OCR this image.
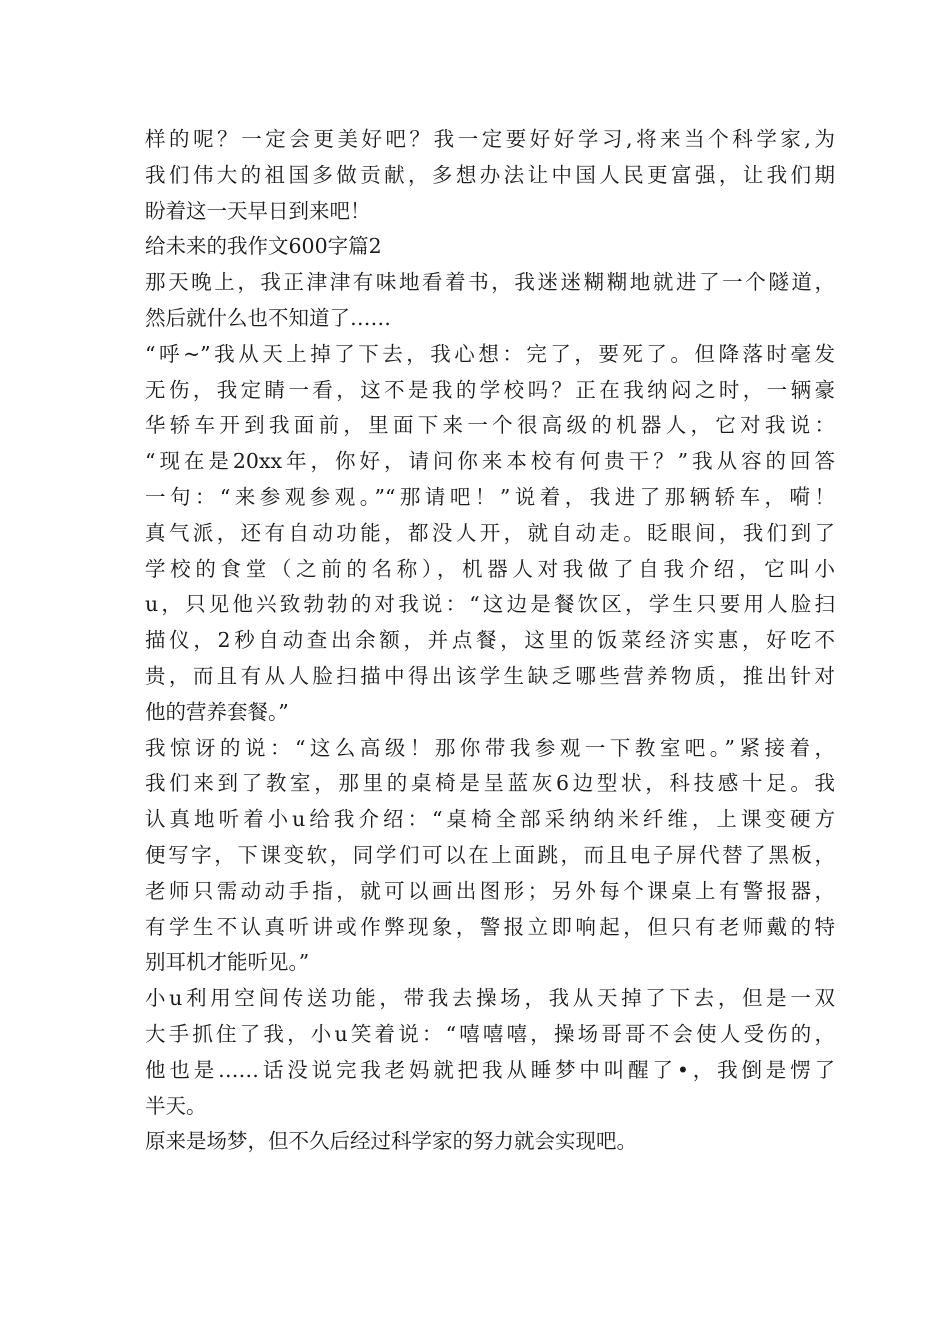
样的呢？一定会更美好吧？我一定要好好学习,将来当个科学家,为
我们伟大的祖国多做贡献，多想办法让中国人民更富强，让我们期
盼着这一天早日到来吧！
给未来的我作文600字篇2
那天晚上，我正津津有味地看着书，我迷迷糊糊地就进了一个隧道，
然后就什么也不知道了……
“呼~”我从天上掉了下去，我心想：完了，要死了。但降落时毫发
无伤，我定睛一看，这不是我的学校吗？正在我纳闷之时，一辆豪
华轿车开到我面前，里面下来一个很高级的机器人，它对我说：
“现在是20xx年，你好，请问你来本校有何贵干？”我从容的回答
一句：“来参观参观。”“那请吧！”说着，我进了那辆轿车，嗬！
真气派，还有自动功能，都没人开，就自动走。眨眼间，我们到了
学校的食堂（之前的名称），机器人对我做了自我介绍，它叫小
u，只见他兴致勃勃的对我说：“这边是餐饮区，学生只要用人脸扫
描仪，2秒自动查出余额，并点餐，这里的饭菜经济实惠，好吃不
贵，而且有从人脸扫描中得出该学生缺乏哪些营养物质，推出针对
他的营养套餐。”
我惊讶的说：“这么高级！那你带我参观一下教室吧。”紧接着，
我们来到了教室，那里的桌椅是呈蓝灰6边型状，科技感十足。我
认真地听着小u给我介绍：“桌椅全部采纳纳米纤维，上课变硬方
便写字，下课变软，同学们可以在上面跳，而且电子屏代替了黑板，
老师只需动动手指，就可以画出图形；另外每个课桌上有警报器，
有学生不认真听讲或作弊现象，警报立即响起，但只有老师戴的特
别耳机才能听见。”
小u利用空间传送功能，带我去操场，我从天掉了下去，但是一双
大手抓住了我，小u笑着说：“嘻嘻嘻，操场哥哥不会使人受伤的，
他也是……话没说完我老妈就把我从睡梦中叫醒了•，我倒是愣了
半天。
原来是场梦，但不久后经过科学家的努力就会实现吧。
